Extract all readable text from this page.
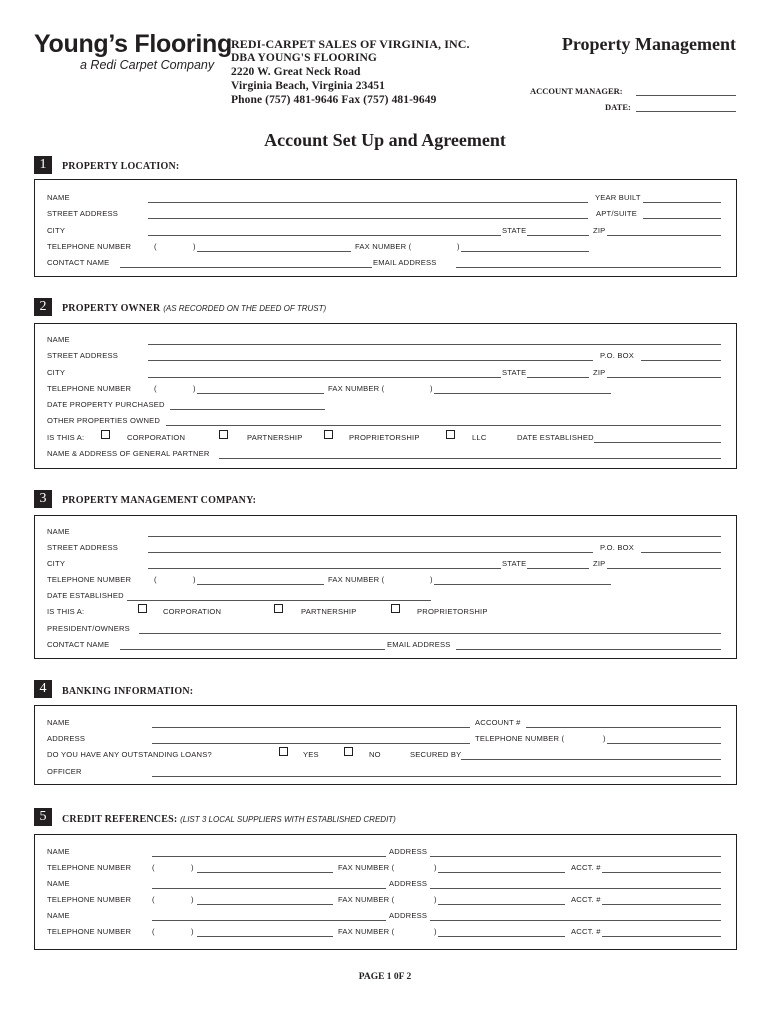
Young’s Flooring
a Redi Carpet Company
REDI-CARPET SALES OF VIRGINIA, INC.
DBA YOUNG'S FLOORING
2220 W. Great Neck Road
Virginia Beach, Virginia 23451
Phone (757) 481-9646 Fax (757) 481-9649
Property Management
ACCOUNT MANAGER:
DATE:
Account Set Up and Agreement
1	PROPERTY LOCATION:
NAME	YEAR BUILT
STREET ADDRESS	APT/SUITE
CITY	STATE	ZIP
TELEPHONE NUMBER	(	)	FAX NUMBER (	)
CONTACT NAME	EMAIL ADDRESS
2	PROPERTY OWNER (AS RECORDED ON THE DEED OF TRUST)
NAME
STREET ADDRESS	P.O. BOX
CITY	STATE	ZIP
TELEPHONE NUMBER	(	)	FAX NUMBER (	)
DATE PROPERTY PURCHASED
OTHER PROPERTIES OWNED
IS THIS A:	CORPORATION	PARTNERSHIP	PROPRIETORSHIP	LLC	DATE ESTABLISHED
NAME & ADDRESS OF GENERAL PARTNER
3	PROPERTY MANAGEMENT COMPANY:
NAME
STREET ADDRESS	P.O. BOX
CITY	STATE	ZIP
TELEPHONE NUMBER	(	)	FAX NUMBER (	)
DATE ESTABLISHED
IS THIS A:	CORPORATION	PARTNERSHIP	PROPRIETORSHIP
PRESIDENT/OWNERS
CONTACT NAME	EMAIL ADDRESS
4	BANKING INFORMATION:
NAME	ACCOUNT #
ADDRESS	TELEPHONE NUMBER (	)
DO YOU HAVE ANY OUTSTANDING LOANS?	YES	NO	SECURED BY
OFFICER
5	CREDIT REFERENCES: (LIST 3 LOCAL SUPPLIERS WITH ESTABLISHED CREDIT)
NAME	ADDRESS
TELEPHONE NUMBER	(	)	FAX NUMBER (	)	ACCT. #
NAME	ADDRESS
TELEPHONE NUMBER	(	)	FAX NUMBER (	)	ACCT. #
NAME	ADDRESS
TELEPHONE NUMBER	(	)	FAX NUMBER (	)	ACCT. #
PAGE 1 0F 2
